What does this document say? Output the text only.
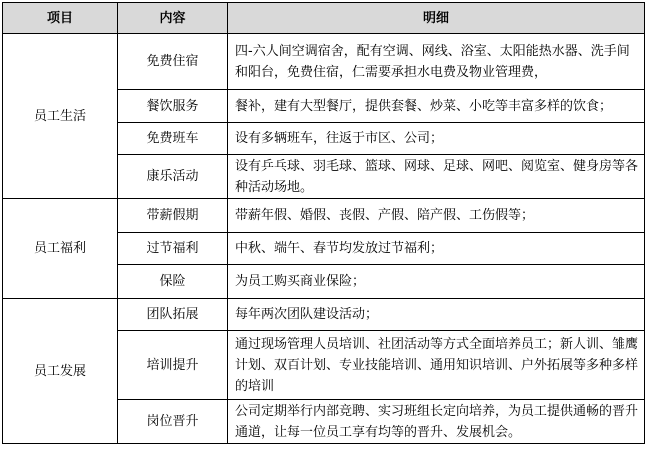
项目	内容	明细
员工生活	免费住宿	四-六人间空调宿舍，配有空调、网线、浴室、太阳能热水器、洗手间和阳台，免费住宿，仁需要承担水电费及物业管理费，
	餐饮服务	餐补，建有大型餐厅，提供套餐、炒菜、小吃等丰富多样的饮食；
	免费班车	设有多辆班车，往返于市区、公司；
	康乐活动	设有乒乓球、羽毛球、篮球、网球、足球、网吧、阅览室、健身房等各种活动场地。
员工福利	带薪假期	带薪年假、婚假、丧假、产假、陪产假、工伤假等；
	过节福利	中秋、端午、春节均发放过节福利；
	保险	为员工购买商业保险；
员工发展	团队拓展	每年两次团队建设活动；
	培训提升	通过现场管理人员培训、社团活动等方式全面培养员工；新人训、雏鹰计划、双百计划、专业技能培训、通用知识培训、户外拓展等多种多样的培训
	岗位晋升	公司定期举行内部竞聘、实习班组长定向培养，为员工提供通畅的晋升通道，让每一位员工享有均等的晋升、发展机会。
